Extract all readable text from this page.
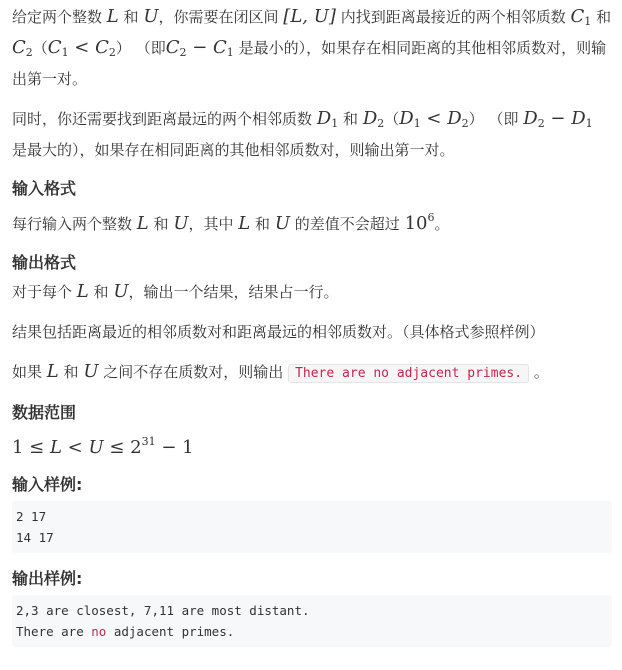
给定两个整数 L 和 U，你需要在闭区间 [L, U] 内找到距离最接近的两个相邻质数 $C_1$ 和 $C_2(C_1 < C_2)$ （即$C_2 - C_1$ 是最小的），如果存在相同距离的其他相邻质数对，则输出第一对。

同时，你还需要找到距离最远的两个相邻质数 $D_1$ 和 $D_2(D_1 < D_2)$ （即 $D_2 - D_1$ 是最大的），如果存在相同距离的其他相邻质数对，则输出第一对。

输入格式

每行输入两个整数 L 和 U，其中 L 和 U 的差值不会超过 $10^6$。

输出格式

对于每个 L 和 U，输出一个结果，结果占一行。

结果包括距离最近的相邻质数对和距离最远的相邻质数对。（具体格式参照样例）

如果 L 和 U 之间不存在质数对，则输出 There are no adjacent primes. 。

数据范围
$1 \le L < U \le 2^{31} - 1$
输入样例:
2 17
14 17
输出样例:
2,3 are closest, 7,11 are most distant.
There are no adjacent primes.
